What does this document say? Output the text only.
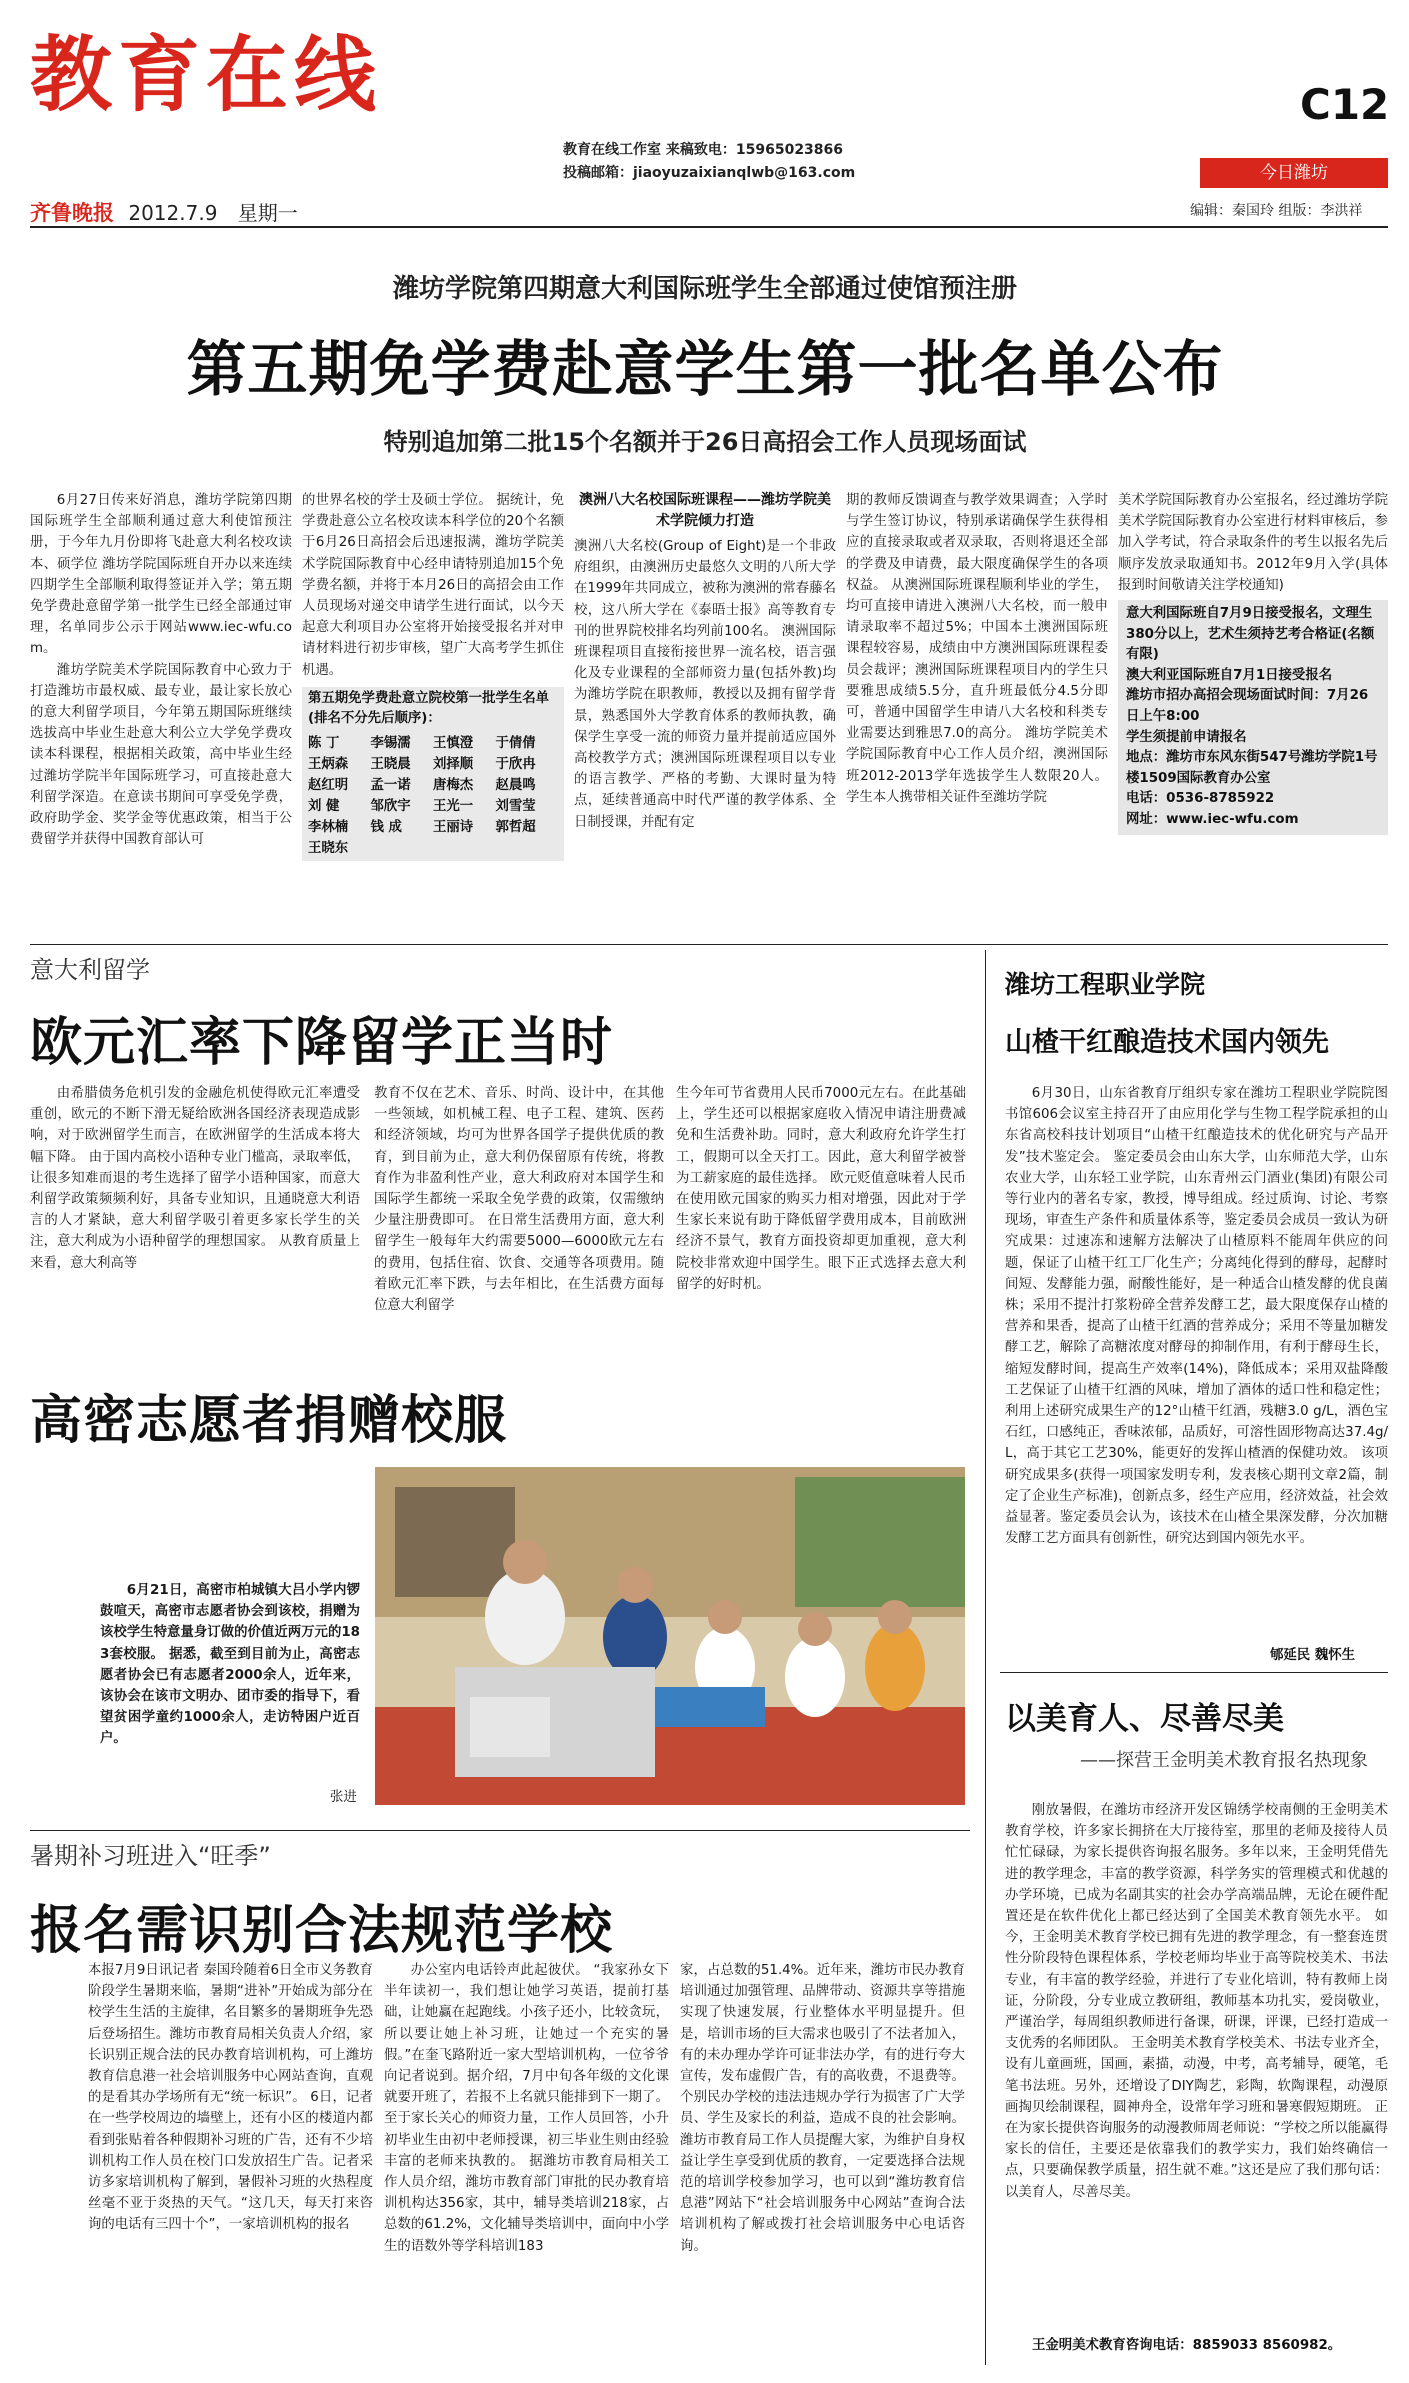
教育在线
教育在线工作室 来稿致电：15965023866
投稿邮箱：jiaoyuzaixianqlwb@163.com
C12
今日潍坊
齐鲁晚报 2012.7.9 星期一	编辑：秦国玲 组版：李洪祥
潍坊学院第四期意大利国际班学生全部通过使馆预注册
第五期免学费赴意学生第一批名单公布
特别追加第二批15个名额并于26日高招会工作人员现场面试

6月27日传来好消息，潍坊学院第四期国际班学生全部顺利通过意大利使馆预注册，于今年九月份即将飞赴意大利名校攻读本、硕学位 潍坊学院国际班自开办以来连续四期学生全部顺利取得签证并入学；第五期免学费赴意留学第一批学生已经全部通过审理，名单同步公示于网站www.iec-wfu.com。

潍坊学院美术学院国际教育中心致力于打造潍坊市最权威、最专业，最让家长放心的意大利留学项目，今年第五期国际班继续选拔高中毕业生赴意大利公立大学免学费攻读本科课程，根据相关政策，高中毕业生经过潍坊学院半年国际班学习，可直接赴意大利留学深造。在意读书期间可享受免学费，政府助学金、奖学金等优惠政策，相当于公费留学并获得中国教育部认可

的世界名校的学士及硕士学位。 据统计，免学费赴意公立名校攻读本科学位的20个名额于6月26日高招会后迅速报满，潍坊学院美术学院国际教育中心经申请特别追加15个免学费名额，并将于本月26日的高招会由工作人员现场对递交申请学生进行面试，以今天起意大利项目办公室将开始接受报名并对申请材料进行初步审核，望广大高考学生抓住机遇。
第五期免学费赴意立院校第一批学生名单(排名不分先后顺序)：
陈 丁	李锡濡	王慎澄	于倩倩
王炳森	王晓晨	刘择顺	于欣冉
赵红明	孟一诺	唐梅杰	赵晨鸣
刘 健	邹欣宇	王光一	刘雪莹
李林楠	钱 成	王丽诗	郭哲超
王晓东
澳洲八大名校国际班课程——潍坊学院美术学院倾力打造
澳洲八大名校(Group of Eight)是一个非政府组织，由澳洲历史最悠久文明的八所大学在1999年共同成立，被称为澳洲的常春藤名校，这八所大学在《泰晤士报》高等教育专刊的世界院校排名均列前100名。 澳洲国际班课程项目直接衔接世界一流名校，语言强化及专业课程的全部师资力量(包括外教)均为潍坊学院在职教师，教授以及拥有留学背景，熟悉国外大学教育体系的教师执教，确保学生享受一流的师资力量并提前适应国外高校教学方式；澳洲国际班课程项目以专业的语言教学、严格的考勤、大课时量为特点，延续普通高中时代严谨的教学体系、全日制授课，并配有定
期的教师反馈调查与教学效果调查；入学时与学生签订协议，特别承诺确保学生获得相应的直接录取或者双录取，否则将退还全部的学费及申请费，最大限度确保学生的各项权益。 从澳洲国际班课程顺利毕业的学生，均可直接申请进入澳洲八大名校，而一般申请录取率不超过5%；中国本土澳洲国际班课程较容易，成绩由中方澳洲国际班课程委员会裁评；澳洲国际班课程项目内的学生只要雅思成绩5.5分，直升班最低分4.5分即可，普通中国留学生申请八大名校和科类专业需要达到雅思7.0的高分。 潍坊学院美术学院国际教育中心工作人员介绍，澳洲国际班2012-2013学年选拔学生人数限20人。学生本人携带相关证件至潍坊学院
美术学院国际教育办公室报名，经过潍坊学院美术学院国际教育办公室进行材料审核后，参加入学考试，符合录取条件的考生以报名先后顺序发放录取通知书。2012年9月入学(具体报到时间敬请关注学校通知)
意大利国际班自7月9日接受报名，文理生380分以上，艺术生须持艺考合格证(名额有限)
澳大利亚国际班自7月1日接受报名
潍坊市招办高招会现场面试时间：7月26日上午8:00
学生须提前申请报名
地点：潍坊市东风东街547号潍坊学院1号楼1509国际教育办公室
电话：0536-8785922
网址：www.iec-wfu.com
意大利留学
欧元汇率下降留学正当时
由希腊债务危机引发的金融危机使得欧元汇率遭受重创，欧元的不断下滑无疑给欧洲各国经济表现造成影响，对于欧洲留学生而言，在欧洲留学的生活成本将大幅下降。 由于国内高校小语种专业门槛高，录取率低，让很多知难而退的考生选择了留学小语种国家，而意大利留学政策频频利好，具备专业知识，且通晓意大利语言的人才紧缺，意大利留学吸引着更多家长学生的关注，意大利成为小语种留学的理想国家。 从教育质量上来看，意大利高等
教育不仅在艺术、音乐、时尚、设计中，在其他一些领域，如机械工程、电子工程、建筑、医药和经济领域，均可为世界各国学子提供优质的教育，到目前为止，意大利仍保留原有传统，将教育作为非盈利性产业，意大利政府对本国学生和国际学生都统一采取全免学费的政策，仅需缴纳少量注册费即可。 在日常生活费用方面，意大利留学生一般每年大约需要5000—6000欧元左右的费用，包括住宿、饮食、交通等各项费用。随着欧元汇率下跌，与去年相比，在生活费方面每位意大利留学
生今年可节省费用人民币7000元左右。在此基础上，学生还可以根据家庭收入情况申请注册费减免和生活费补助。同时，意大利政府允许学生打工，假期可以全天打工。因此，意大利留学被誉为工薪家庭的最佳选择。 欧元贬值意味着人民币在使用欧元国家的购买力相对增强，因此对于学生家长来说有助于降低留学费用成本，目前欧洲经济不景气，教育方面投资却更加重视，意大利院校非常欢迎中国学生。眼下正式选择去意大利留学的好时机。
高密志愿者捐赠校服
6月21日，高密市柏城镇大吕小学内锣鼓喧天，高密市志愿者协会到该校，捐赠为该校学生特意量身订做的价值近两万元的183套校服。 据悉，截至到目前为止，高密志愿者协会已有志愿者2000余人，近年来，该协会在该市文明办、团市委的指导下，看望贫困学童约1000余人，走访特困户近百户。
张进
暑期补习班进入“旺季”
报名需识别合法规范学校
本报7月9日讯记者 秦国玲随着6日全市义务教育阶段学生暑期来临，暑期“进补”开始成为部分在校学生生活的主旋律，名目繁多的暑期班争先恐后登场招生。潍坊市教育局相关负责人介绍，家长识别正规合法的民办教育培训机构，可上潍坊教育信息港一社会培训服务中心网站查询，直观的是看其办学场所有无“统一标识”。 6日，记者在一些学校周边的墙壁上，还有小区的楼道内都看到张贴着各种假期补习班的广告，还有不少培训机构工作人员在校门口发放招生广告。记者采访多家培训机构了解到，暑假补习班的火热程度丝毫不亚于炎热的天气。“这几天，每天打来咨询的电话有三四十个”，一家培训机构的报名
办公室内电话铃声此起彼伏。 “我家孙女下半年读初一，我们想让她学习英语，提前打基础，让她赢在起跑线。小孩子还小，比较贪玩，所以要让她上补习班，让她过一个充实的暑假。”在奎飞路附近一家大型培训机构，一位爷爷向记者说到。据介绍，7月中旬各年级的文化课就要开班了，若报不上名就只能排到下一期了。至于家长关心的师资力量，工作人员回答，小升初毕业生由初中老师授课，初三毕业生则由经验丰富的老师来执教的。 据潍坊市教育局相关工作人员介绍，潍坊市教育部门审批的民办教育培训机构达356家，其中，辅导类培训218家，占总数的61.2%，文化辅导类培训中，面向中小学生的语数外等学科培训183
家，占总数的51.4%。近年来，潍坊市民办教育培训通过加强管理、品牌带动、资源共享等措施实现了快速发展，行业整体水平明显提升。但是，培训市场的巨大需求也吸引了不法者加入，有的未办理办学许可证非法办学，有的进行夸大宣传，发布虚假广告，有的高收费，不退费等。个别民办学校的违法违规办学行为损害了广大学员、学生及家长的利益，造成不良的社会影响。 潍坊市教育局工作人员提醒大家，为维护自身权益让学生享受到优质的教育，一定要选择合法规范的培训学校参加学习，也可以到“潍坊教育信息港”网站下“社会培训服务中心网站”查询合法培训机构了解或拨打社会培训服务中心电话咨询。
潍坊工程职业学院
山楂干红酿造技术国内领先
6月30日，山东省教育厅组织专家在潍坊工程职业学院院图书馆606会议室主持召开了由应用化学与生物工程学院承担的山东省高校科技计划项目“山楂干红酿造技术的优化研究与产品开发”技术鉴定会。 鉴定委员会由山东大学，山东师范大学，山东农业大学，山东轻工业学院，山东青州云门酒业(集团)有限公司等行业内的著名专家，教授，博导组成。经过质询、讨论、考察现场，审查生产条件和质量体系等，鉴定委员会成员一致认为研究成果：过速冻和速解方法解决了山楂原料不能周年供应的问题，保证了山楂干红工厂化生产；分离纯化得到的酵母，起酵时间短、发酵能力强，耐酸性能好，是一种适合山楂发酵的优良菌株；采用不提汁打浆粉碎全营养发酵工艺，最大限度保存山楂的营养和果香，提高了山楂干红酒的营养成分；采用不等量加糖发酵工艺，解除了高糖浓度对酵母的抑制作用，有利于酵母生长，缩短发酵时间，提高生产效率(14%)，降低成本；采用双盐降酸工艺保证了山楂干红酒的风味，增加了酒体的适口性和稳定性；利用上述研究成果生产的12°山楂干红酒，残糖3.0 g/L，酒色宝石红，口感纯正，香味浓郁，品质好，可溶性固形物高达37.4g/L，高于其它工艺30%，能更好的发挥山楂酒的保健功效。 该项研究成果多(获得一项国家发明专利，发表核心期刊文章2篇，制定了企业生产标准)，创新点多，经生产应用，经济效益，社会效益显著。鉴定委员会认为，该技术在山楂全果深发酵，分次加糖发酵工艺方面具有创新性，研究达到国内领先水平。
郇延民 魏怀生
以美育人、尽善尽美
——探营王金明美术教育报名热现象
刚放暑假，在潍坊市经济开发区锦绣学校南侧的王金明美术教育学校，许多家长拥挤在大厅接待室，那里的老师及接待人员忙忙碌碌，为家长提供咨询报名服务。多年以来，王金明凭借先进的教学理念，丰富的教学资源，科学务实的管理模式和优越的办学环境，已成为名副其实的社会办学高端品牌，无论在硬件配置还是在软件优化上都已经达到了全国美术教育领先水平。 如今，王金明美术教育学校已拥有先进的教学理念，有一整套连贯性分阶段特色课程体系，学校老师均毕业于高等院校美术、书法专业，有丰富的教学经验，并进行了专业化培训，特有教师上岗证，分阶段，分专业成立教研组，教师基本功扎实，爱岗敬业，严谨治学，每周组织教师进行备课，研课，评课，已经打造成一支优秀的名师团队。 王金明美术教育学校美术、书法专业齐全，设有儿童画班，国画，素描，动漫，中考，高考辅导，硬笔，毛笔书法班。另外，还增设了DIY陶艺，彩陶，软陶课程，动漫原画掏贝绘制课程，圆神舟全，设常年学习班和暑寒假短期班。 正在为家长提供咨询服务的动漫教师周老师说：“学校之所以能赢得家长的信任，主要还是依靠我们的教学实力，我们始终确信一点，只要确保教学质量，招生就不难。”这还是应了我们那句话：以美育人，尽善尽美。
王金明美术教育咨询电话：8859033 8560982。
